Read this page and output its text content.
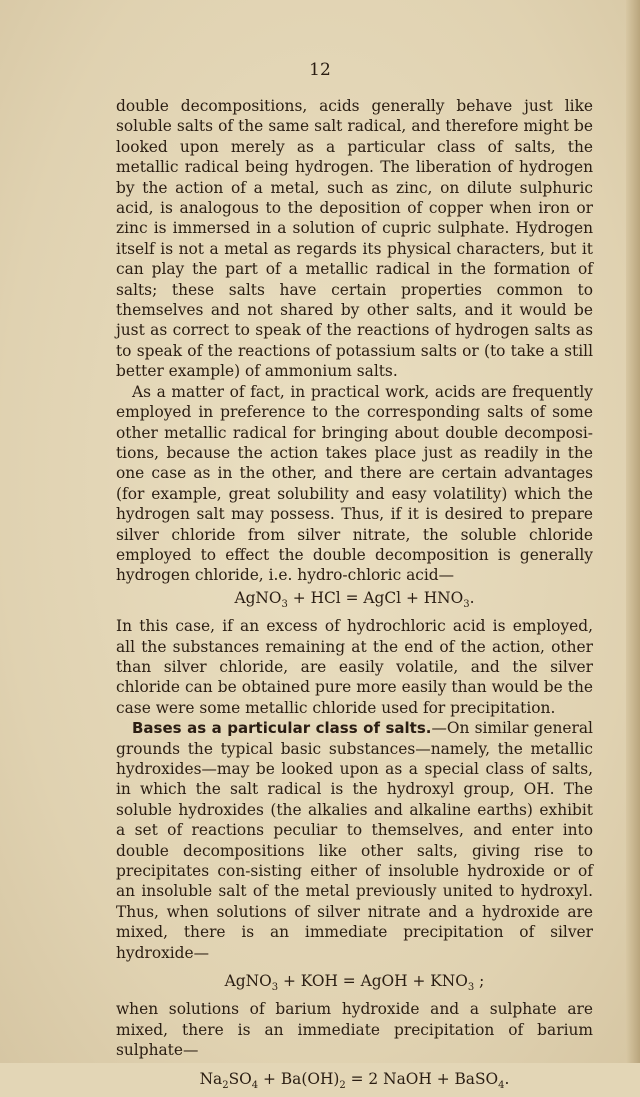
12

double decompositions, acids generally behave just like soluble salts of the same salt radical, and therefore might be looked upon merely as a particular class of salts, the metallic radical being hydrogen. The liberation of hydrogen by the action of a metal, such as zinc, on dilute sulphuric acid, is analogous to the deposition of copper when iron or zinc is immersed in a solution of cupric sulphate. Hydrogen itself is not a metal as regards its physical characters, but it can play the part of a metallic radical in the formation of salts; these salts have certain properties common to themselves and not shared by other salts, and it would be just as correct to speak of the reactions of hydrogen salts as to speak of the reactions of potassium salts or (to take a still better example) of ammonium salts.

As a matter of fact, in practical work, acids are frequently employed in preference to the corresponding salts of some other metallic radical for bringing about double decomposi-tions, because the action takes place just as readily in the one case as in the other, and there are certain advantages (for example, great solubility and easy volatility) which the hydrogen salt may possess. Thus, if it is desired to prepare silver chloride from silver nitrate, the soluble chloride employed to effect the double decomposition is generally hydrogen chloride, i.e. hydro-chloric acid—

AgNO$_3$ + HCl = AgCl + $HNO_3$.

In this case, if an excess of hydrochloric acid is employed, all the substances remaining at the end of the action, other than silver chloride, are easily volatile, and the silver chloride can be obtained pure more easily than would be the case were some metallic chloride used for precipitation.

Bases as a particular class of salts.—On similar general grounds the typical basic substances—namely, the metallic hydroxides—may be looked upon as a special class of salts, in which the salt radical is the hydroxyl group, OH. The soluble hydroxides (the alkalies and alkaline earths) exhibit a set of reactions peculiar to themselves, and enter into double decompositions like other salts, giving rise to precipitates con-sisting either of insoluble hydroxide or of an insoluble salt of the metal previously united to hydroxyl. Thus, when solutions of silver nitrate and a hydroxide are mixed, there is an immediate precipitation of silver hydroxide—

AgNO$_3$ + KOH = AgOH + $KNO_3$ ;

when solutions of barium hydroxide and a sulphate are mixed, there is an immediate precipitation of barium sulphate—

$Na_2SO_4 + Ba(OH)_2 = 2$ NaOH + BaSO$_4$.
